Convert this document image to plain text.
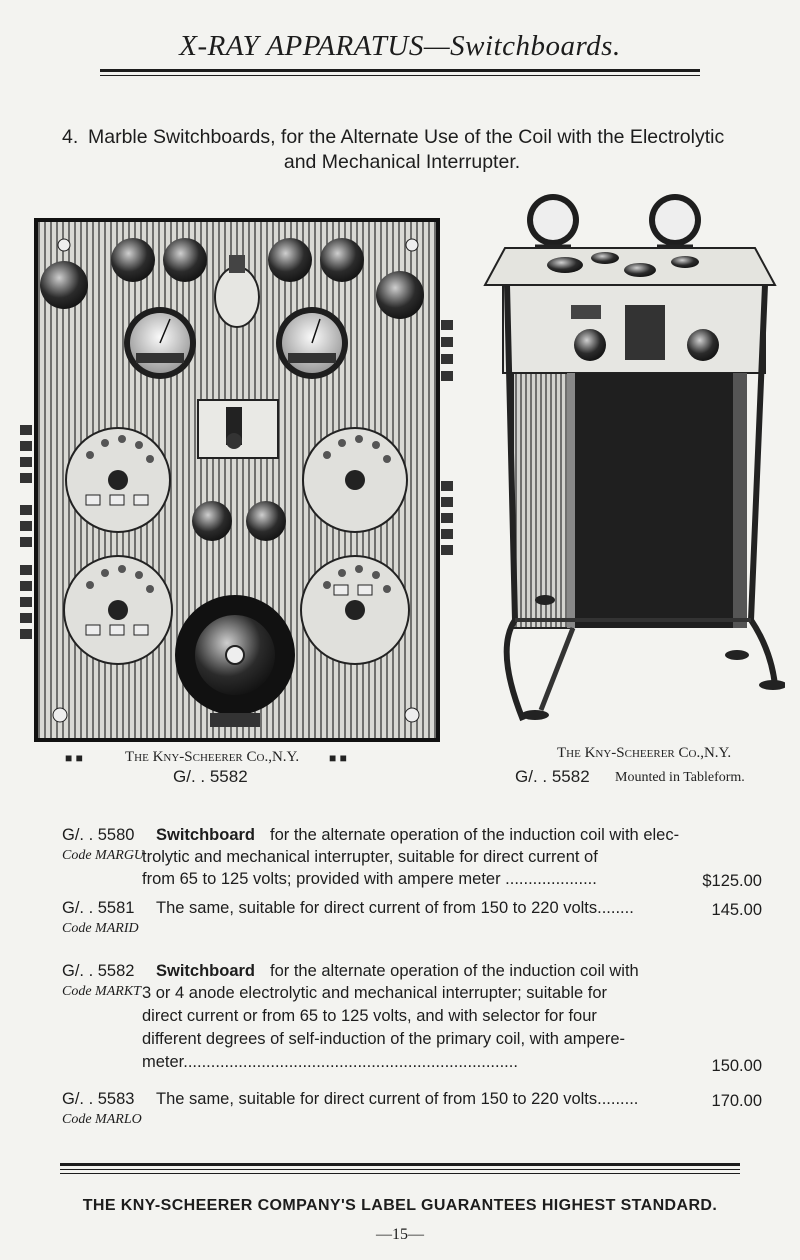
X-RAY APPARATUS—Switchboards.
4. Marble Switchboards, for the Alternate Use of the Coil with the Electrolytic
and Mechanical Interrupter.
■ ■	The Kny-Scheerer Co.,N.Y. ■ ■
G/. . 5582
The Kny-Scheerer Co.,N.Y.
G/. . 5582 Mounted in Tableform.
G/. . 5580 Switchboard for the alternate operation of the induction coil with elec-
Code MARGU
trolytic and mechanical interrupter, suitable for direct current of
from 65 to 125 volts; provided with ampere meter ....................	$125.00
G/. . 5581 The same, suitable for direct current of from 150 to 220 volts........	145.00
Code MARID
G/. . 5582 Switchboard for the alternate operation of the induction coil with
Code MARKT 3 or 4 anode electrolytic and mechanical interrupter; suitable for
direct current or from 65 to 125 volts, and with selector for four
different degrees of self-induction of the primary coil, with ampere-
meter.........................................................................	150.00
G/. . 5583 The same, suitable for direct current of from 150 to 220 volts.........	170.00
Code MARLO
THE KNY-SCHEERER COMPANY'S LABEL GUARANTEES HIGHEST STANDARD.
—15—
